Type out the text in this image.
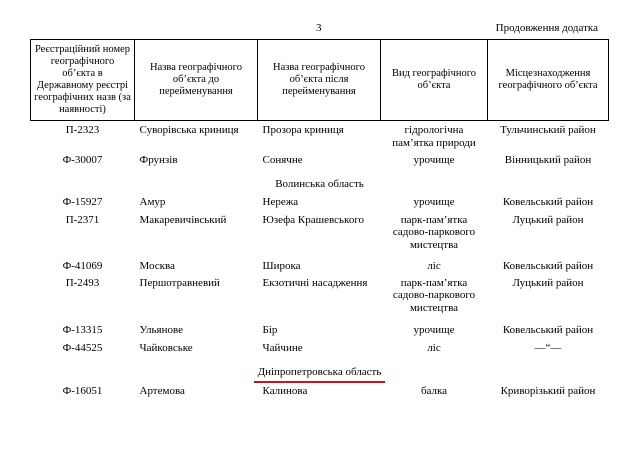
3	Продовження додатка
Реєстраційний номер географічного об’єкта в Державному реєстрі географічних назв (за наявності)	Назва географічного об’єкта до перейменування	Назва географічного об’єкта після перейменування	Вид географічного об’єкта	Місцезнаходження географічного об’єкта
П-2323	Суворівська криниця	Прозора криниця	гідрологічна пам’ятка природи	Тульчинський район
Ф-30007	Фрунзів	Сонячне	урочище	Вінницький район
Волинська область				
Ф-15927	Амур	Нережа	урочище	Ковельський район
П-2371	Макаревичівський	Юзефа Крашевського	парк-пам’ятка садово-паркового мистецтва	Луцький район
Ф-41069	Москва	Широка	ліс	Ковельський район
П-2493	Першотравневий	Екзотичні насадження	парк-пам’ятка садово-паркового мистецтва	Луцький район
Ф-13315	Ульянове	Бір	урочище	Ковельський район
Ф-44525	Чайковське	Чайчине	ліс	—“—
Дніпропетровська область				
Ф-16051	Артемова	Калинова	балка	Криворізький район
